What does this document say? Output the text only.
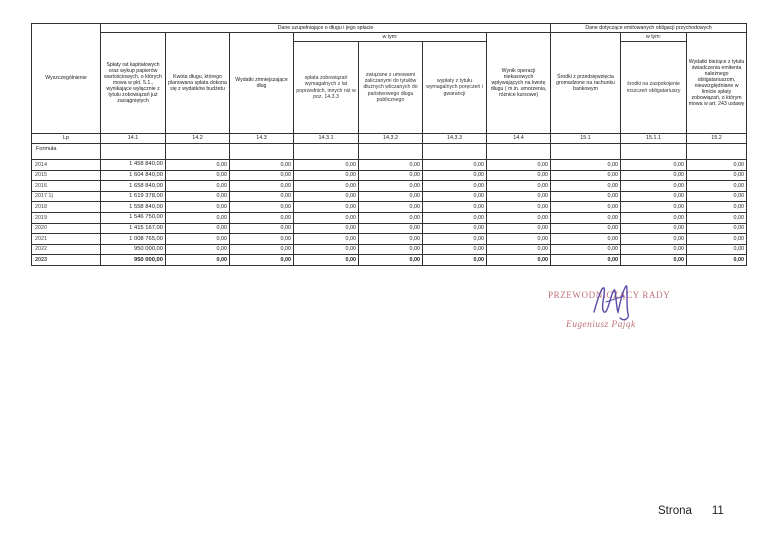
Wyszczególnienie	Dane uzupełniające o długu i jego spłacie							Dane dotyczące emitowanych obligacji przychodowych		
	Spłaty rat kapitałowych oraz wykup papierów wartościowych, o których mowa w pkt. 5.1., wynikające wyłącznie z tytułu zobowiązań już zaciągniętych	Kwota długu, którego planowana spłata dokona się z wydatków budżetu	Wydatki zmniejszające dług	w tym:			Wynik operacji niekasowych wpływających na kwotę długu ( m.in. umorzenia, różnice kursowe)	Środki z przedsięwzięcia gromadzone na rachunku bankowym	w tym:	Wydatki bieżące z tytułu świadczenia emitenta należnego obligatariuszom, nieuwzględniane w limicie spłaty zobowiązań, o którym mowa w art. 243 ustawy
				spłata zobowiązań wymagalnych z lat poprzednich, innych niż w poz. 14.3.3	związane z umowami zaliczanymi do tytułów dłużnych wliczanych do państwowego długu publicznego	wypłaty z tytułu wymagalnych poręczeń i gwarancji			środki na zaspokojenie roszczeń obligatariuszy	
Lp	14.1	14.2	14.3	14.3.1	14.3.2	14.3.3	14.4	15.1	15.1.1	15.2
Formuła										
2014	1 458 840,00	0,00	0,00	0,00	0,00	0,00	0,00	0,00	0,00	0,00
2015	1 604 840,00	0,00	0,00	0,00	0,00	0,00	0,00	0,00	0,00	0,00
2016	1 658 840,00	0,00	0,00	0,00	0,00	0,00	0,00	0,00	0,00	0,00
2017 1)	1 619 378,00	0,00	0,00	0,00	0,00	0,00	0,00	0,00	0,00	0,00
2018	1 558 840,00	0,00	0,00	0,00	0,00	0,00	0,00	0,00	0,00	0,00
2019	1 546 750,00	0,00	0,00	0,00	0,00	0,00	0,00	0,00	0,00	0,00
2020	1 415 167,00	0,00	0,00	0,00	0,00	0,00	0,00	0,00	0,00	0,00
2021	1 008 765,00	0,00	0,00	0,00	0,00	0,00	0,00	0,00	0,00	0,00
2022	950 000,00	0,00	0,00	0,00	0,00	0,00	0,00	0,00	0,00	0,00
2023	950 000,00	0,00	0,00	0,00	0,00	0,00	0,00	0,00	0,00	0,00
PRZEWODNICZĄCY RADY
Eugeniusz Pająk
Strona 11
